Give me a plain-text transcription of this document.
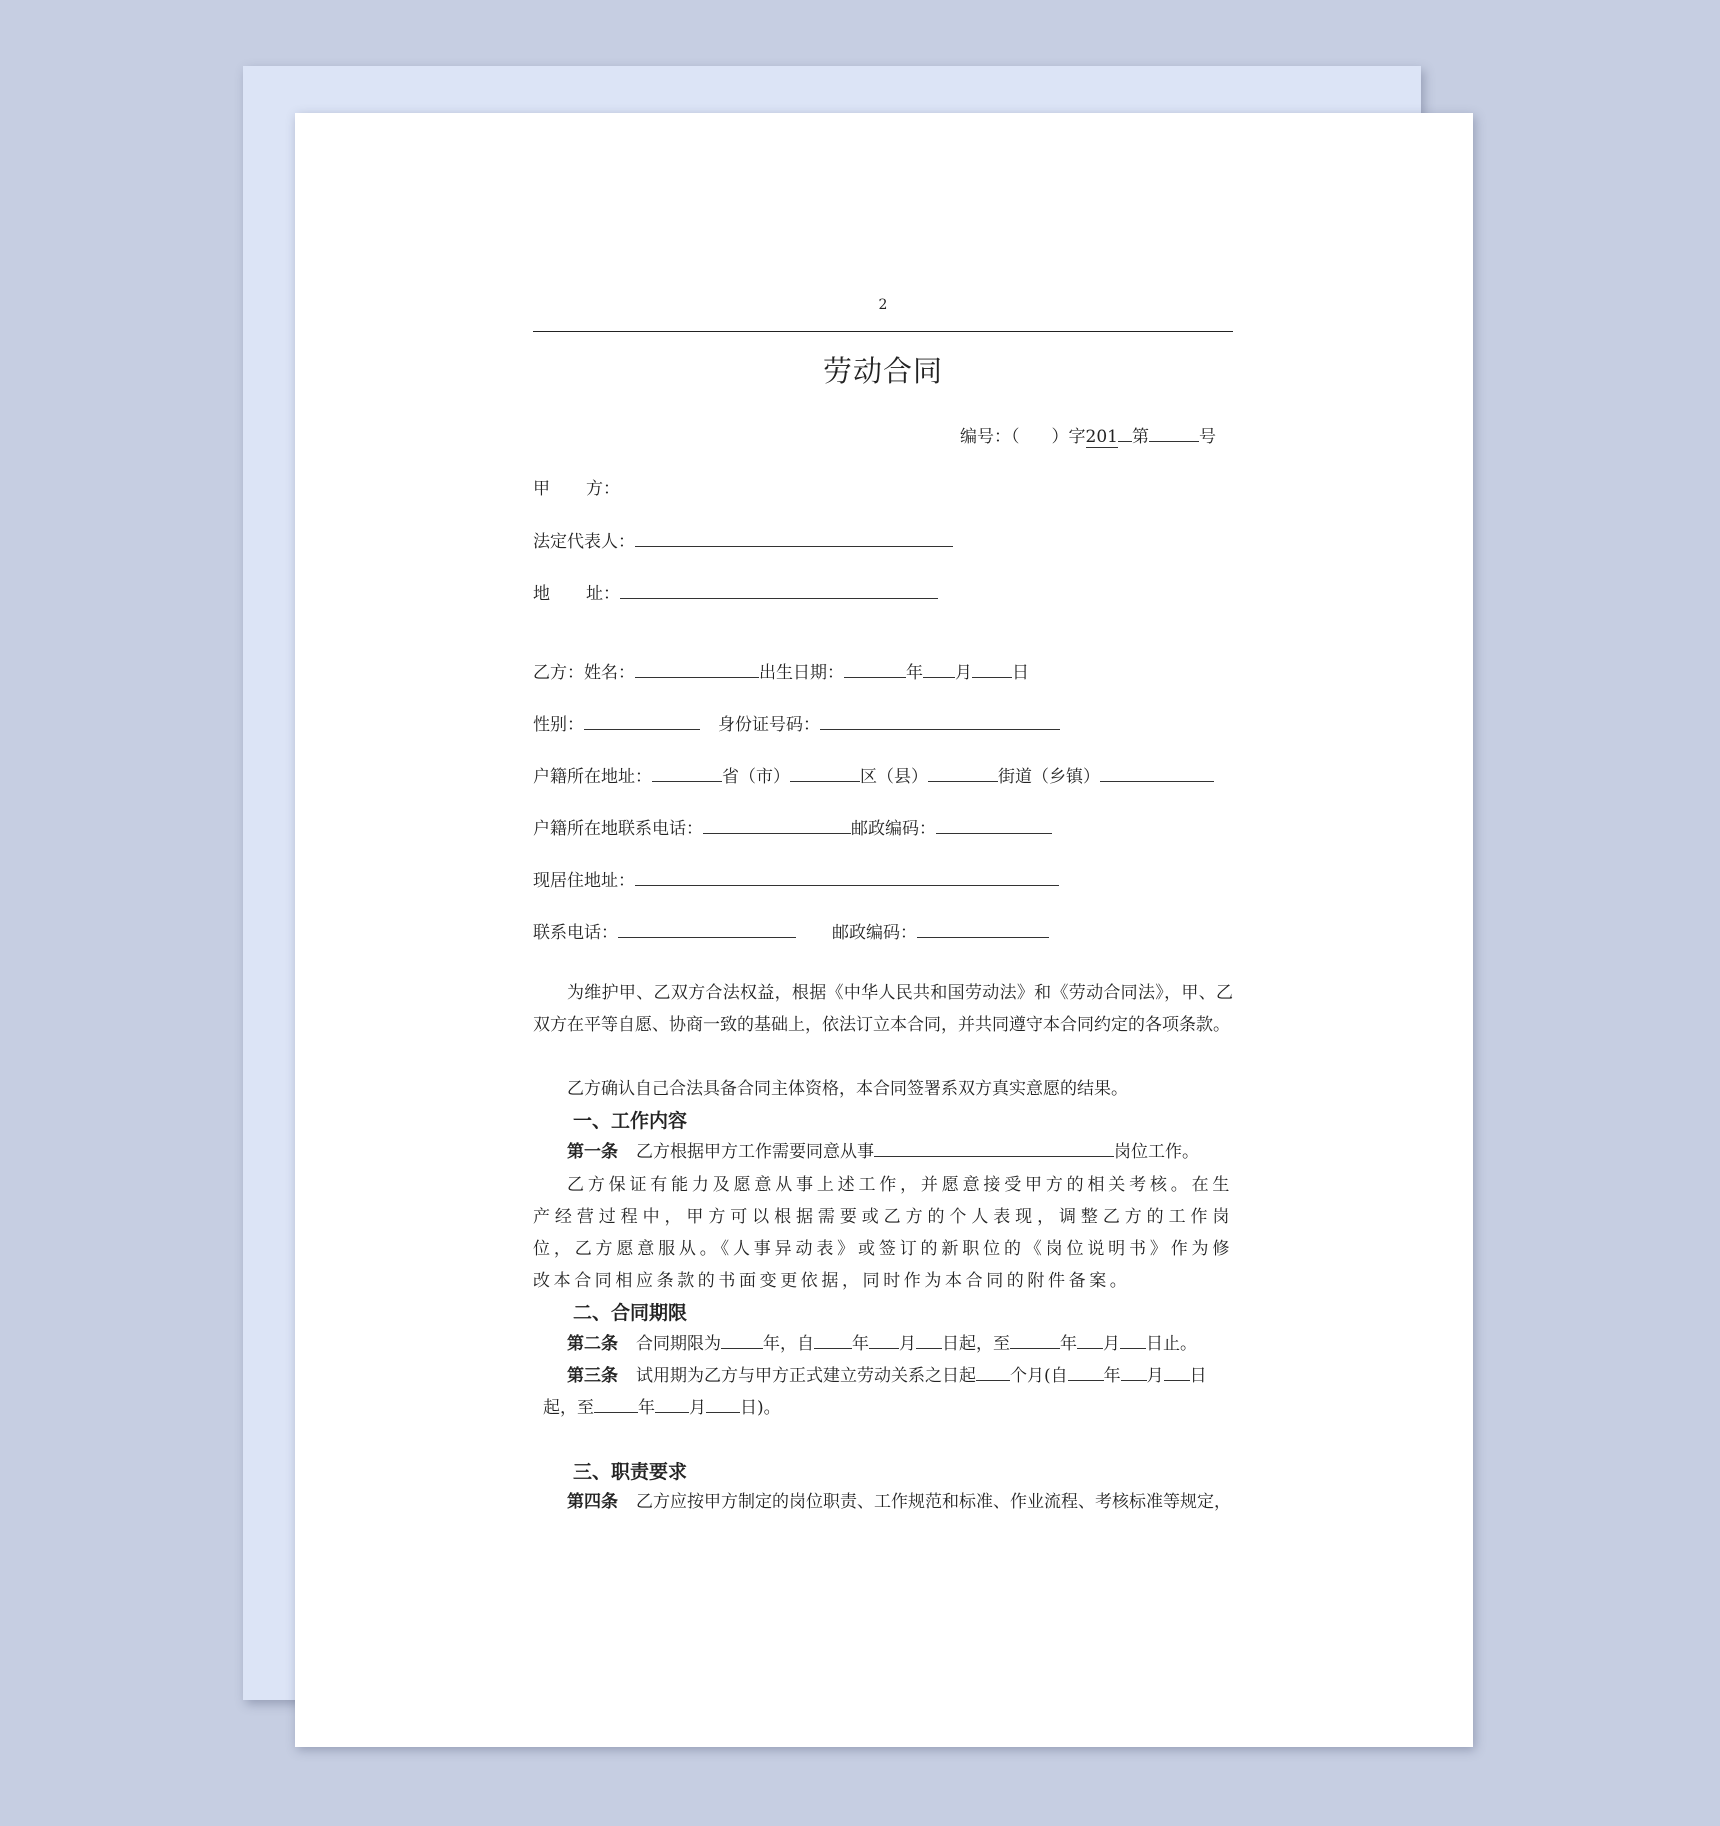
2
劳动合同
编号：（ ）字201 第	号
甲方：
法定代表人：
地址：
乙方：姓名：	出生日期：	年 月 日
性别：	身份证号码：
户籍所在地址：	省（市）	区（县）	街道（乡镇）
户籍所在地联系电话：	邮政编码：
现居住地址：
联系电话：	邮政编码：
为维护甲、乙双方合法权益，根据《中华人民共和国劳动法》和《劳动合同法》，甲、乙双方在平等自愿、协商一致的基础上，依法订立本合同，并共同遵守本合同约定的各项条款。
乙方确认自己合法具备合同主体资格，本合同签署系双方真实意愿的结果。
一、工作内容
第一条 乙方根据甲方工作需要同意从事	岗位工作。
乙方保证有能力及愿意从事上述工作，并愿意接受甲方的相关考核。在生产经营过程中，甲方可以根据需要或乙方的个人表现，调整乙方的工作岗位，乙方愿意服从。《人事异动表》或签订的新职位的《岗位说明书》作为修改本合同相应条款的书面变更依据，同时作为本合同的附件备案。
二、合同期限
第二条 合同期限为 年，自 年 月 日起，至	年 月 日止。
第三条 试用期为乙方与甲方正式建立劳动关系之日起 个月(自 年 月 日
起，至	年 月 日)。
三、职责要求
第四条 乙方应按甲方制定的岗位职责、工作规范和标准、作业流程、考核标准等规定，
